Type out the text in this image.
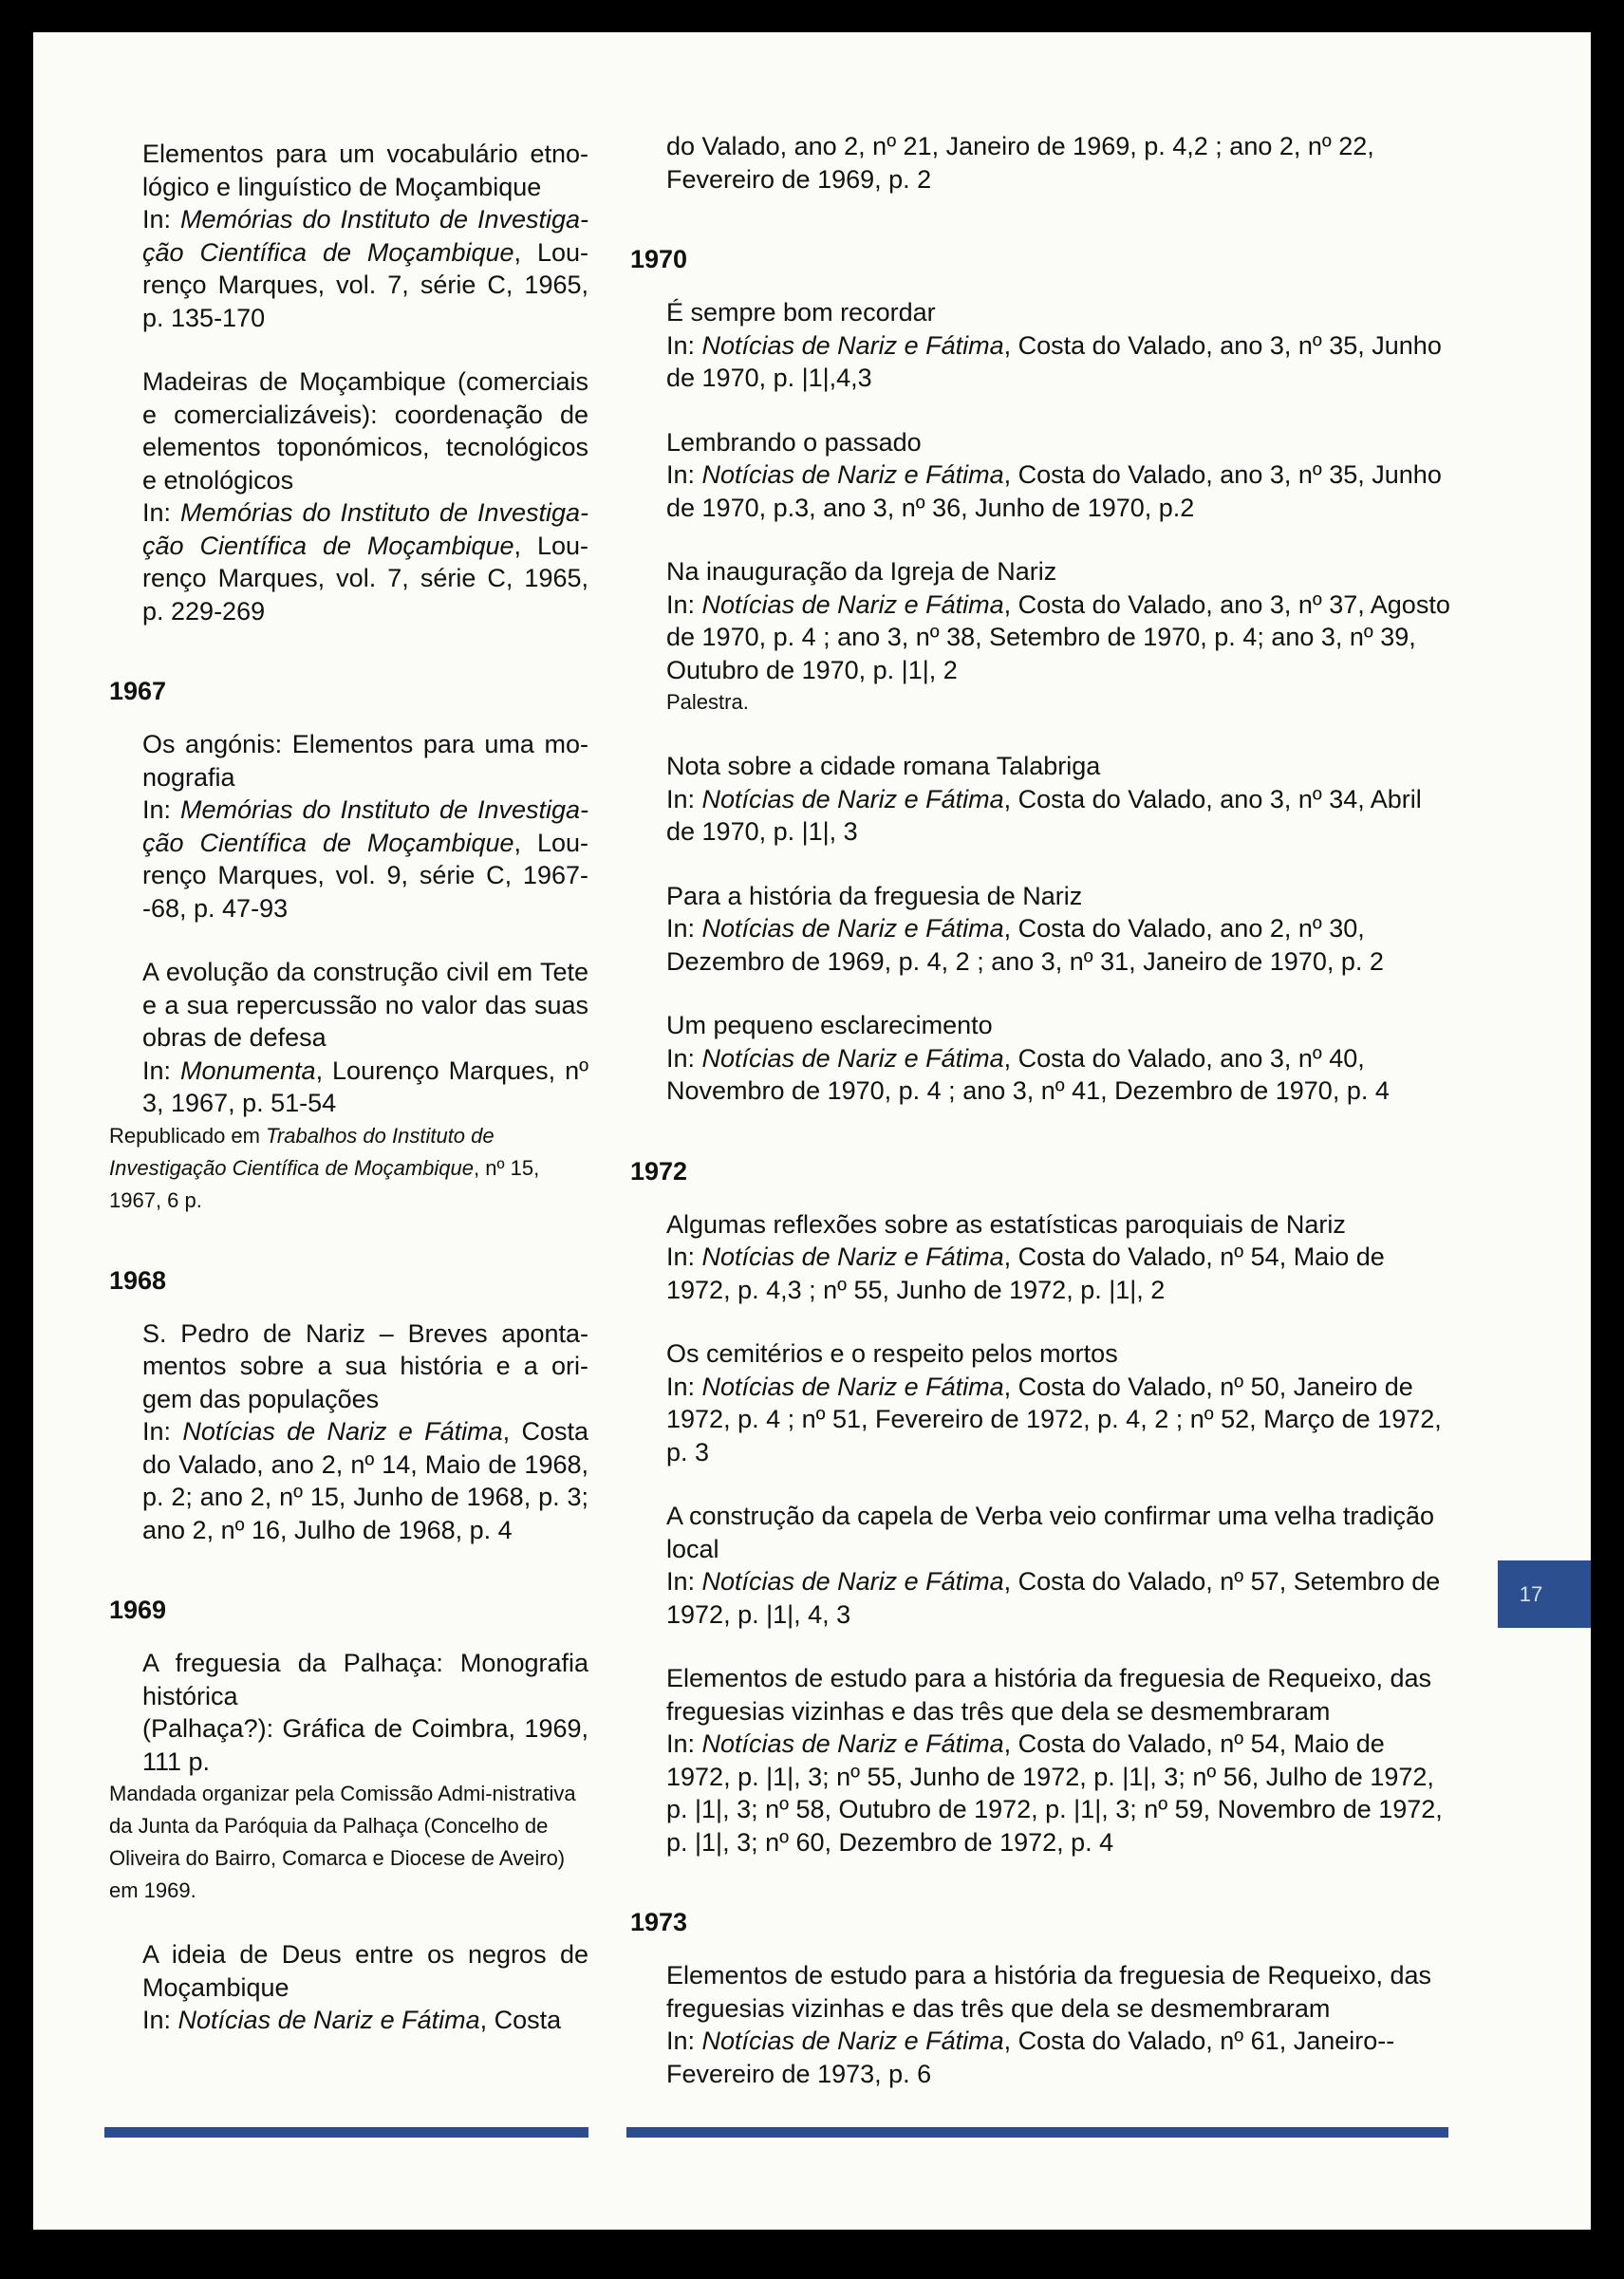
Elementos para um vocabulário etno-lógico e linguístico de Moçambique
In: Memórias do Instituto de Investiga-ção Científica de Moçambique, Lou-renço Marques, vol. 7, série C, 1965, p. 135-170
Madeiras de Moçambique (comerciais e comercializáveis): coordenação de elementos toponómicos, tecnológicos e etnológicos
In: Memórias do Instituto de Investiga-ção Científica de Moçambique, Lou-renço Marques, vol. 7, série C, 1965, p. 229-269
1967
Os angónis: Elementos para uma mo-nografia
In: Memórias do Instituto de Investiga-ção Científica de Moçambique, Lou-renço Marques, vol. 9, série C, 1967--68, p. 47-93
A evolução da construção civil em Tete e a sua repercussão no valor das suas obras de defesa
In: Monumenta, Lourenço Marques, nº 3, 1967, p. 51-54
Republicado em Trabalhos do Instituto de Investigação Científica de Moçambique, nº 15, 1967, 6 p.
1968
S. Pedro de Nariz – Breves aponta-mentos sobre a sua história e a ori-gem das populações
In: Notícias de Nariz e Fátima, Costa do Valado, ano 2, nº 14, Maio de 1968, p. 2; ano 2, nº 15, Junho de 1968, p. 3; ano 2, nº 16, Julho de 1968, p. 4
1969
A freguesia da Palhaça: Monografia histórica
(Palhaça?): Gráfica de Coimbra, 1969, 111 p.
Mandada organizar pela Comissão Admi-nistrativa da Junta da Paróquia da Palhaça (Concelho de Oliveira do Bairro, Comarca e Diocese de Aveiro) em 1969.
A ideia de Deus entre os negros de Moçambique
In: Notícias de Nariz e Fátima, Costa
do Valado, ano 2, nº 21, Janeiro de 1969, p. 4,2 ; ano 2, nº 22, Fevereiro de 1969, p. 2
1970
É sempre bom recordar
In: Notícias de Nariz e Fátima, Costa do Valado, ano 3, nº 35, Junho de 1970, p. |1|,4,3
Lembrando o passado
In: Notícias de Nariz e Fátima, Costa do Valado, ano 3, nº 35, Junho de 1970, p.3, ano 3, nº 36, Junho de 1970, p.2
Na inauguração da Igreja de Nariz
In: Notícias de Nariz e Fátima, Costa do Valado, ano 3, nº 37, Agosto de 1970, p. 4 ; ano 3, nº 38, Setembro de 1970, p. 4; ano 3, nº 39, Outubro de 1970, p. |1|, 2
Palestra.
Nota sobre a cidade romana Talabriga
In: Notícias de Nariz e Fátima, Costa do Valado, ano 3, nº 34, Abril de 1970, p. |1|, 3
Para a história da freguesia de Nariz
In: Notícias de Nariz e Fátima, Costa do Valado, ano 2, nº 30, Dezembro de 1969, p. 4, 2 ; ano 3, nº 31, Janeiro de 1970, p. 2
Um pequeno esclarecimento
In: Notícias de Nariz e Fátima, Costa do Valado, ano 3, nº 40, Novembro de 1970, p. 4 ; ano 3, nº 41, Dezembro de 1970, p. 4
1972
Algumas reflexões sobre as estatísticas paroquiais de Nariz
In: Notícias de Nariz e Fátima, Costa do Valado, nº 54, Maio de 1972, p. 4,3 ; nº 55, Junho de 1972, p. |1|, 2
Os cemitérios e o respeito pelos mortos
In: Notícias de Nariz e Fátima, Costa do Valado, nº 50, Janeiro de 1972, p. 4 ; nº 51, Fevereiro de 1972, p. 4, 2 ; nº 52, Março de 1972, p. 3
A construção da capela de Verba veio confirmar uma velha tradição local
In: Notícias de Nariz e Fátima, Costa do Valado, nº 57, Setembro de 1972, p. |1|, 4, 3
Elementos de estudo para a história da freguesia de Requeixo, das freguesias vizinhas e das três que dela se desmembraram
In: Notícias de Nariz e Fátima, Costa do Valado, nº 54, Maio de 1972, p. |1|, 3; nº 55, Junho de 1972, p. |1|, 3; nº 56, Julho de 1972, p. |1|, 3; nº 58, Outubro de 1972, p. |1|, 3; nº 59, Novembro de 1972, p. |1|, 3; nº 60, Dezembro de 1972, p. 4
1973
Elementos de estudo para a história da freguesia de Requeixo, das freguesias vizinhas e das três que dela se desmembraram
In: Notícias de Nariz e Fátima, Costa do Valado, nº 61, Janeiro--Fevereiro de 1973, p. 6
17
